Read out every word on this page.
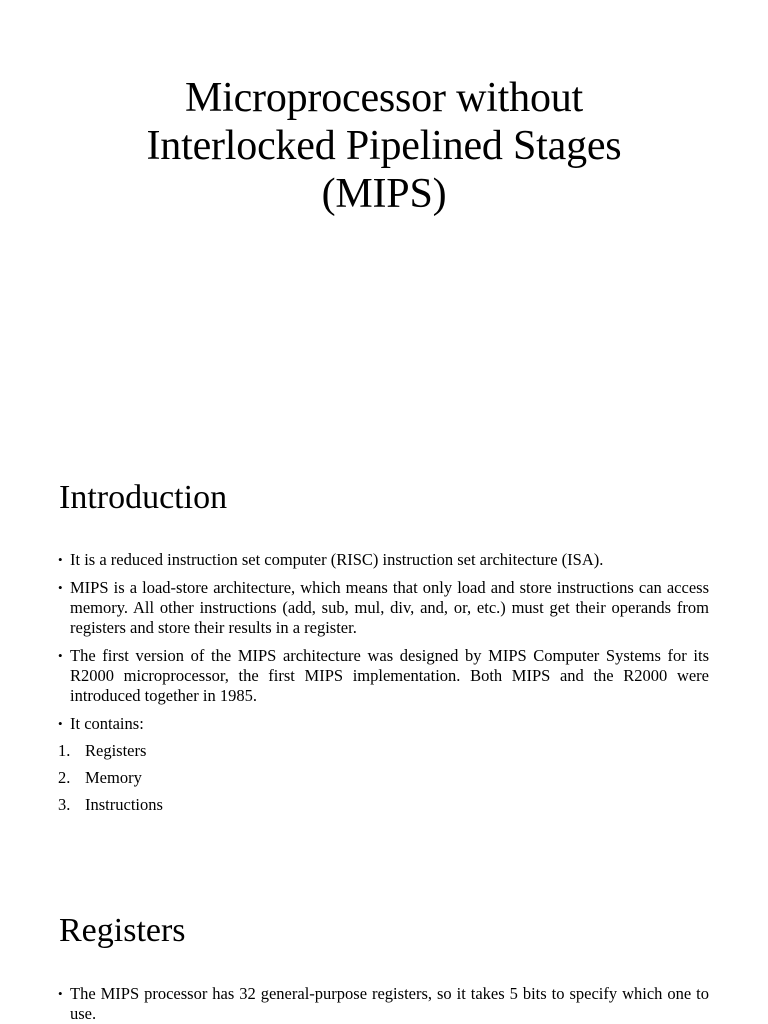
Microprocessor without
Interlocked Pipelined Stages
(MIPS)
Introduction
• It is a reduced instruction set computer (RISC) instruction set architecture (ISA).
• MIPS is a load-store architecture, which means that only load and store instructions can access memory. All other instructions (add, sub, mul, div, and, or, etc.) must get their operands from registers and store their results in a register.
• The first version of the MIPS architecture was designed by MIPS Computer Systems for its R2000 microprocessor, the first MIPS implementation. Both MIPS and the R2000 were introduced together in 1985.
• It contains:
1. Registers
2. Memory
3. Instructions
Registers
• The MIPS processor has 32 general-purpose registers, so it takes 5 bits to specify which one to use.
